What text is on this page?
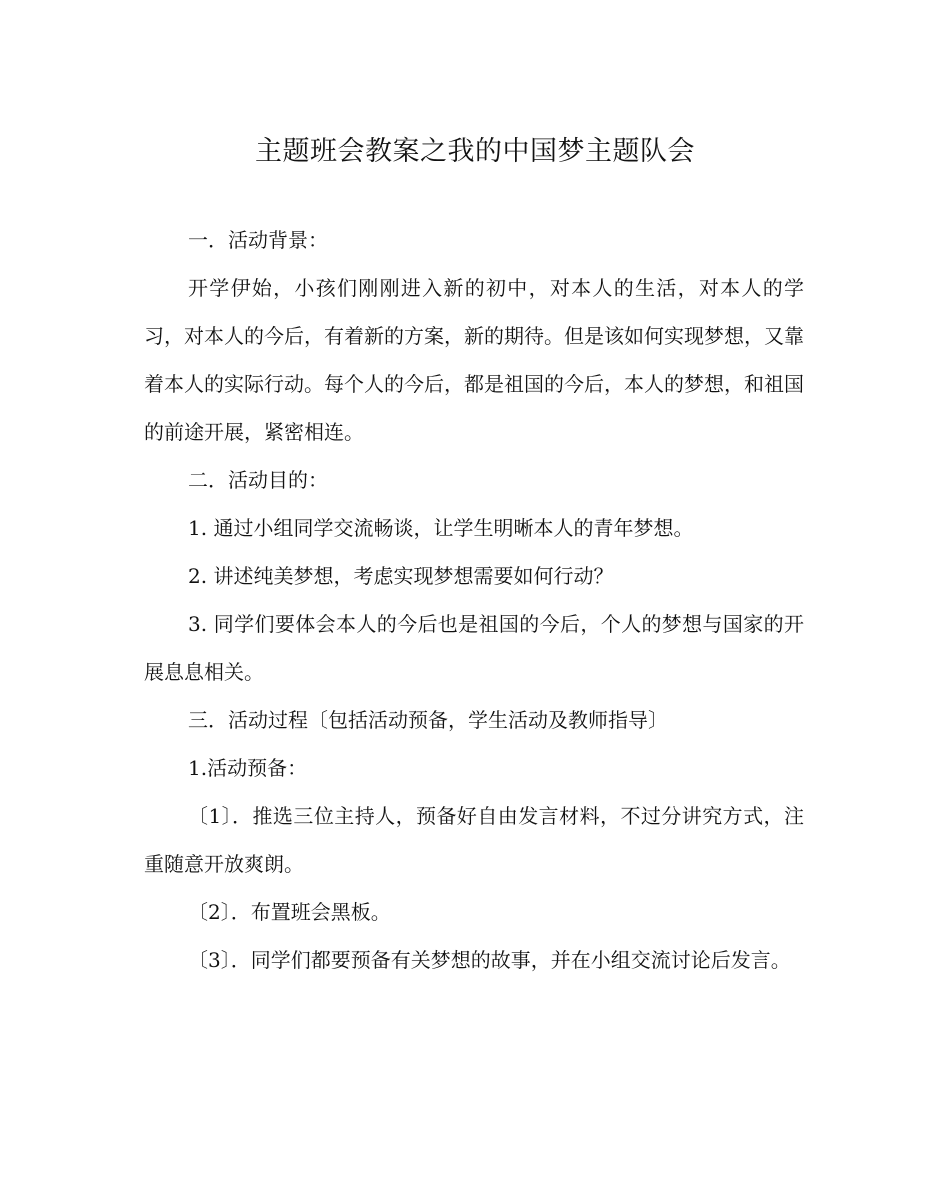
主题班会教案之我的中国梦主题队会

一．活动背景：

开学伊始，小孩们刚刚进入新的初中，对本人的生活，对本人的学习，对本人的今后，有着新的方案，新的期待。但是该如何实现梦想，又靠着本人的实际行动。每个人的今后，都是祖国的今后，本人的梦想，和祖国的前途开展，紧密相连。

二．活动目的：

1. 通过小组同学交流畅谈，让学生明晰本人的青年梦想。

2. 讲述纯美梦想，考虑实现梦想需要如何行动？

3. 同学们要体会本人的今后也是祖国的今后，个人的梦想与国家的开展息息相关。

三．活动过程〔包括活动预备，学生活动及教师指导〕

1.活动预备：

〔1〕．推选三位主持人，预备好自由发言材料，不过分讲究方式，注重随意开放爽朗。

〔2〕．布置班会黑板。

〔3〕．同学们都要预备有关梦想的故事，并在小组交流讨论后发言。
